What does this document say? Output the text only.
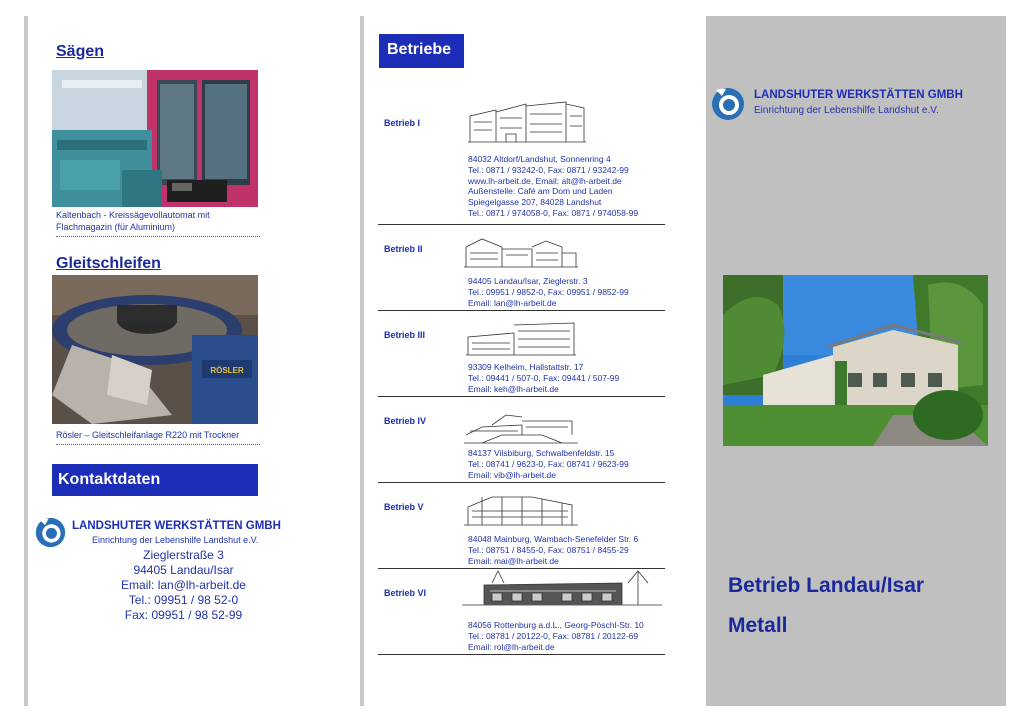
Sägen
Kaltenbach - Kreissägevollautomat mit Flachmagazin (für Aluminium)
Gleitschleifen
RÖSLER
Rösler – Gleitschleifanlage R220 mit Trockner
Kontaktdaten
LANDSHUTER WERKSTÄTTEN GMBH
Einrichtung der Lebenshilfe Landshut e.V.
Zieglerstraße 3
94405 Landau/Isar
Email: lan@lh-arbeit.de
Tel.: 09951 / 98 52-0
Fax: 09951 / 98 52-99
Betriebe
Betrieb I
84032 Altdorf/Landshut, Sonnenring 4
Tel.: 0871 / 93242-0, Fax: 0871 / 93242-99
www.lh-arbeit.de, Email: alt@lh-arbeit.de
Außenstelle: Café am Dom und Laden
Spiegelgasse 207, 84028 Landshut
Tel.: 0871 / 974058-0, Fax: 0871 / 974058-99
Betrieb II
94405 Landau/Isar, Zieglerstr. 3
Tel.: 09951 / 9852-0, Fax: 09951 / 9852-99
Email: lan@lh-arbeit.de
Betrieb III
93309 Kelheim, Hallstattstr. 17
Tel.: 09441 / 507-0, Fax: 09441 / 507-99
Email: keh@lh-arbeit.de
Betrieb IV
84137 Vilsbiburg, Schwalbenfeldstr. 15
Tel.: 08741 / 9623-0, Fax: 08741 / 9623-99
Email: vib@lh-arbeit.de
Betrieb V
84048 Mainburg, Wambach-Senefelder Str. 6
Tel.: 08751 / 8455-0, Fax: 08751 / 8455-29
Email: mai@lh-arbeit.de
Betrieb VI
84056 Rottenburg a.d.L., Georg-Pöschl-Str. 10
Tel.: 08781 / 20122-0, Fax: 08781 / 20122-69
Email: rol@lh-arbeit.de
LANDSHUTER WERKSTÄTTEN GMBH
Einrichtung der Lebenshilfe Landshut e.V.
Betrieb Landau/Isar
Metall
